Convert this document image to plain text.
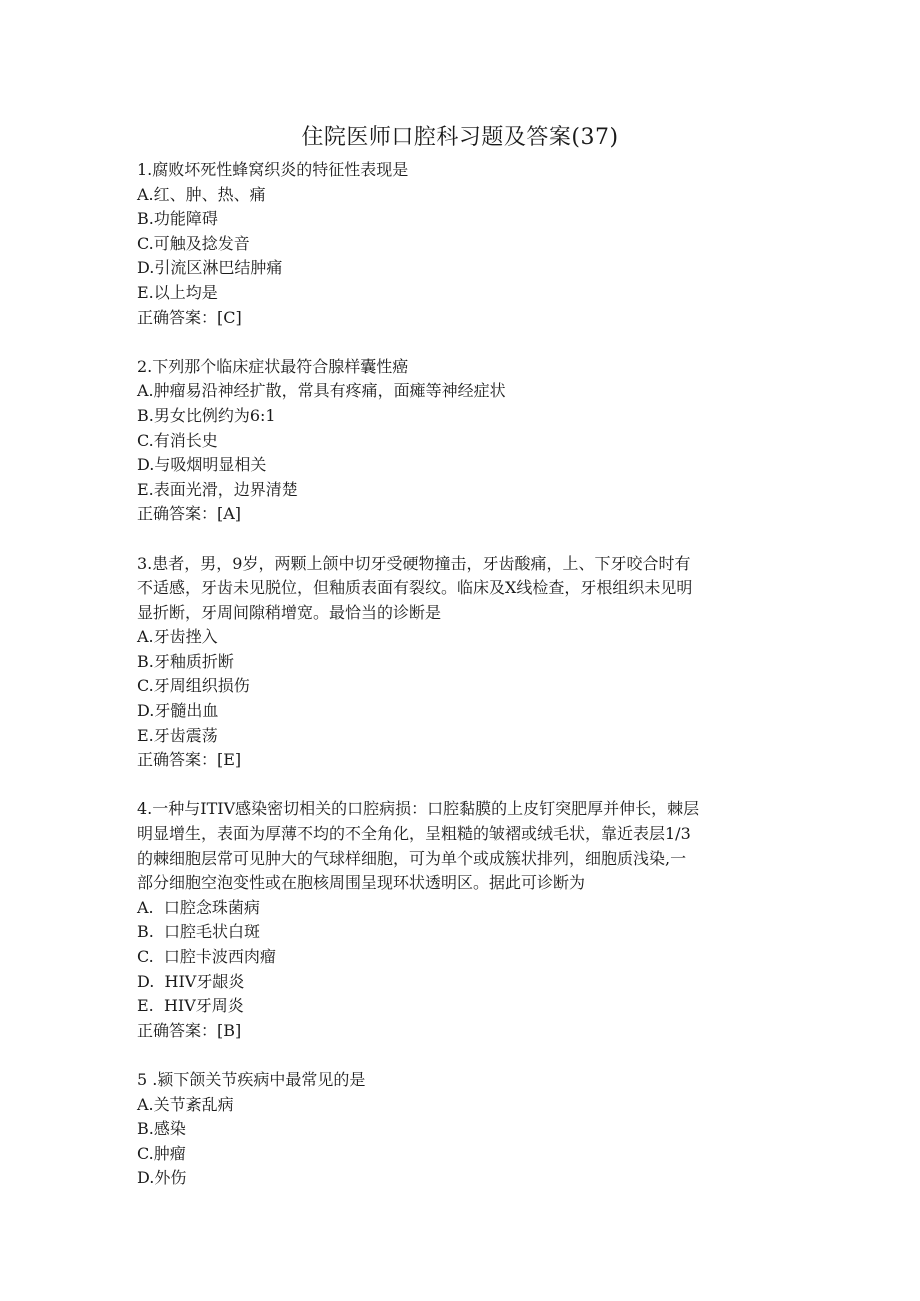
住院医师口腔科习题及答案(37)
1.腐败坏死性蜂窝织炎的特征性表现是
A.红、肿、热、痛
B.功能障碍
C.可触及捻发音
D.引流区淋巴结肿痛
E.以上均是
正确答案：[C]
2.下列那个临床症状最符合腺样囊性癌
A.肿瘤易沿神经扩散，常具有疼痛，面瘫等神经症状
B.男女比例约为6:1
C.有消长史
D.与吸烟明显相关
E.表面光滑，边界清楚
正确答案：[A]
3.患者，男，9岁，两颗上颌中切牙受硬物撞击，牙齿酸痛，上、下牙咬合时有
不适感，牙齿未见脱位，但釉质表面有裂纹。临床及X线检查，牙根组织未见明
显折断，牙周间隙稍增宽。最恰当的诊断是
A.牙齿挫入
B.牙釉质折断
C.牙周组织损伤
D.牙髓出血
E.牙齿震荡
正确答案：[E]
4.一种与ITIV感染密切相关的口腔病损：口腔黏膜的上皮钉突肥厚并伸长，棘层
明显增生，表面为厚薄不均的不全角化，呈粗糙的皱褶或绒毛状，靠近表层1/3
的棘细胞层常可见肿大的气球样细胞，可为单个或成簇状排列，细胞质浅染,一
部分细胞空泡变性或在胞核周围呈现环状透明区。据此可诊断为
A.  口腔念珠菌病
B.  口腔毛状白斑
C.  口腔卡波西肉瘤
D.  HIV牙龈炎
E.  HIV牙周炎
正确答案：[B]
5 .颍下颌关节疾病中最常见的是
A.关节紊乱病
B.感染
C.肿瘤
D.外伤
